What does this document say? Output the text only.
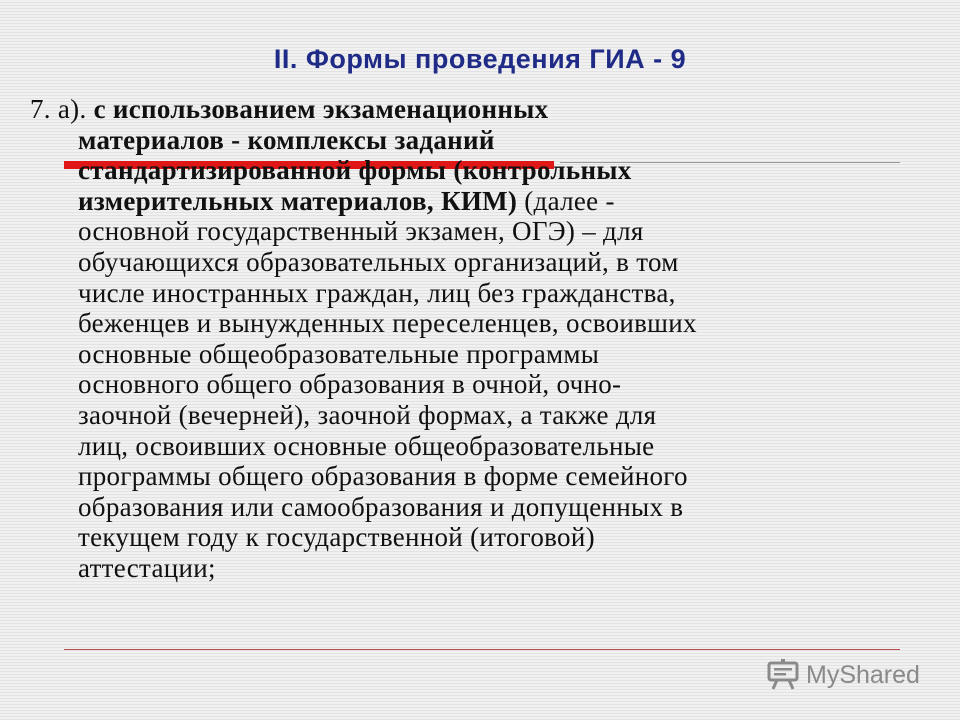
II. Формы проведения ГИА - 9
7. а). с использованием экзаменационных
материалов - комплексы заданий
стандартизированной формы (контрольных
измерительных материалов, КИМ) (далее -
основной государственный экзамен, ОГЭ) – для
обучающихся образовательных организаций, в том
числе иностранных граждан, лиц без гражданства,
беженцев и вынужденных переселенцев, освоивших
основные общеобразовательные программы
основного общего образования в очной, очно-
заочной (вечерней), заочной формах, а также для
лиц, освоивших основные общеобразовательные
программы общего образования в форме семейного
образования или самообразования и допущенных в
текущем году к государственной (итоговой)
аттестации;
MyShared
